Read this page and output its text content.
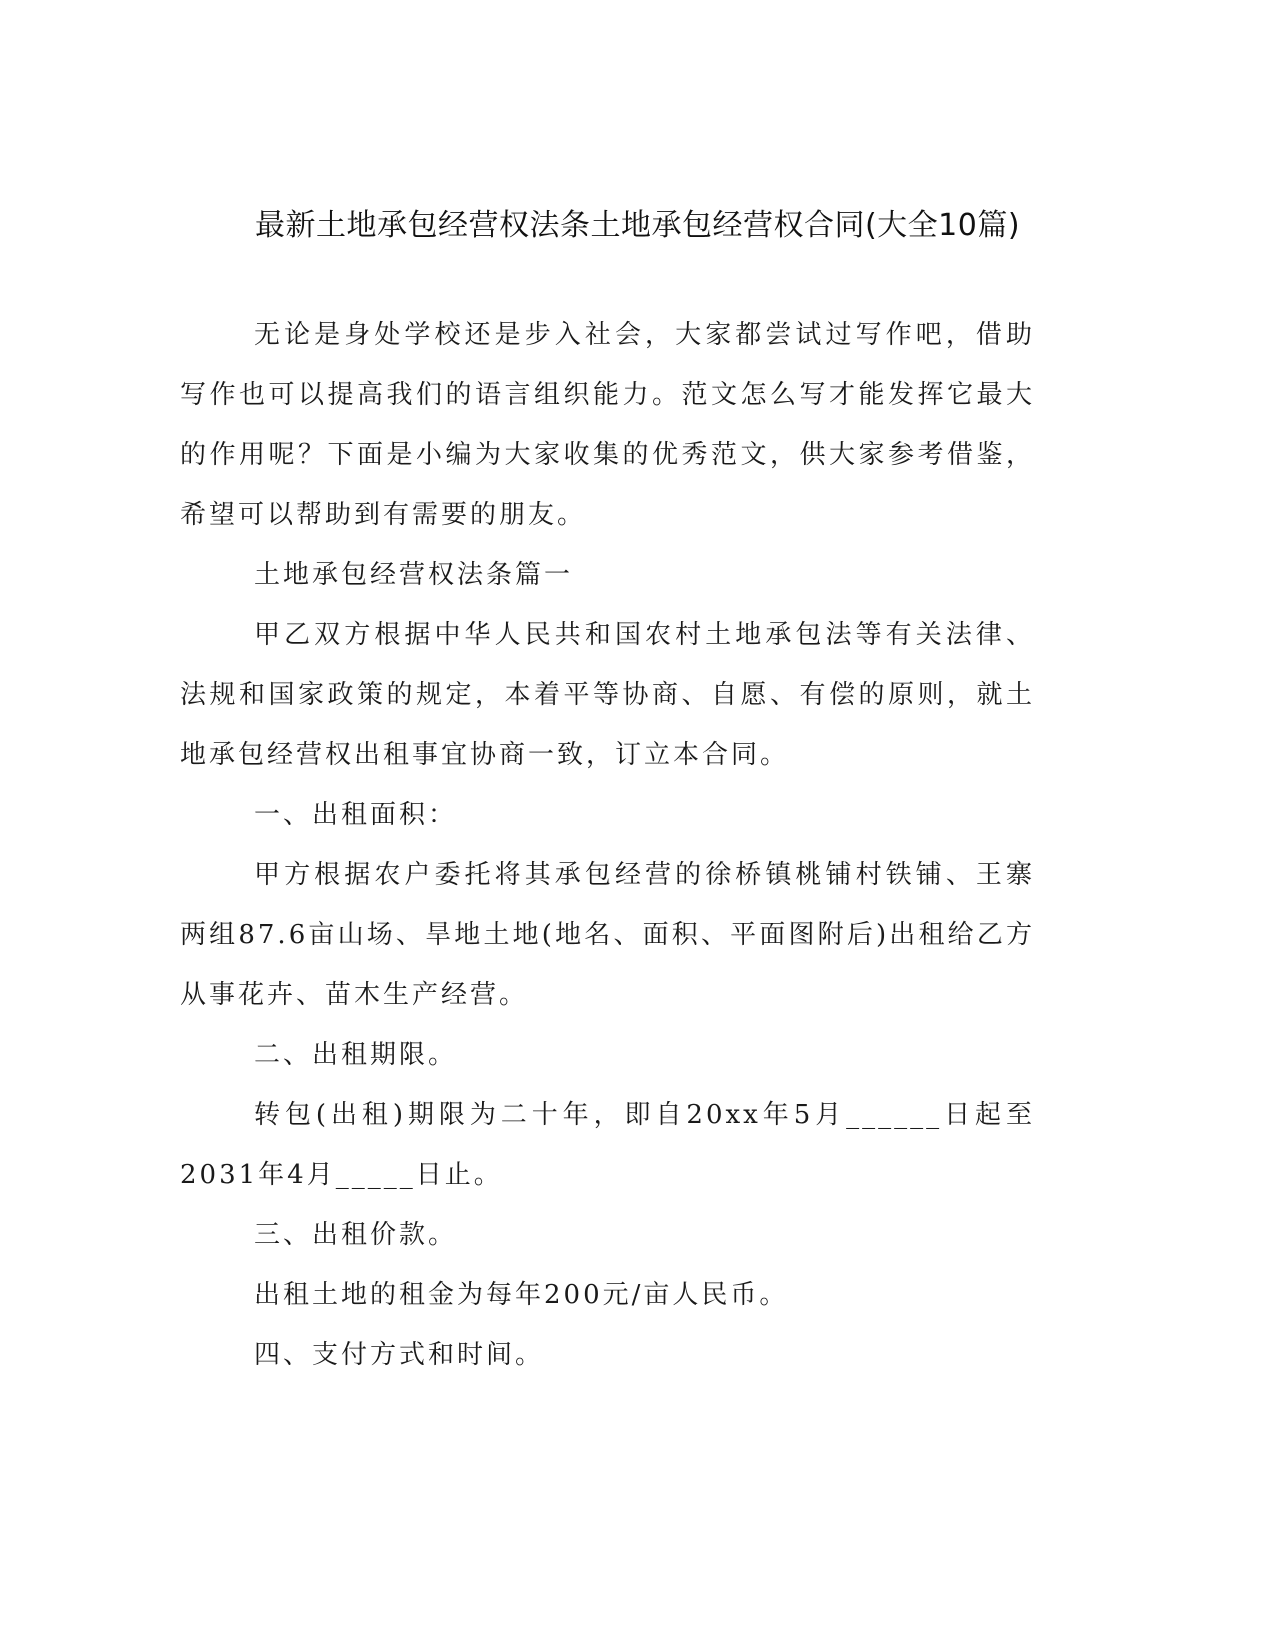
最新土地承包经营权法条土地承包经营权合同(大全10篇)

无论是身处学校还是步入社会，大家都尝试过写作吧，借助写作也可以提高我们的语言组织能力。范文怎么写才能发挥它最大的作用呢？下面是小编为大家收集的优秀范文，供大家参考借鉴，希望可以帮助到有需要的朋友。

土地承包经营权法条篇一

甲乙双方根据中华人民共和国农村土地承包法等有关法律、法规和国家政策的规定，本着平等协商、自愿、有偿的原则，就土地承包经营权出租事宜协商一致，订立本合同。

一、出租面积：

甲方根据农户委托将其承包经营的徐桥镇桃铺村铁铺、王寨两组87.6亩山场、旱地土地(地名、面积、平面图附后)出租给乙方从事花卉、苗木生产经营。

二、出租期限。

转包(出租)期限为二十年，即自20xx年5月______日起至2031年4月_____日止。

三、出租价款。

出租土地的租金为每年200元/亩人民币。

四、支付方式和时间。
